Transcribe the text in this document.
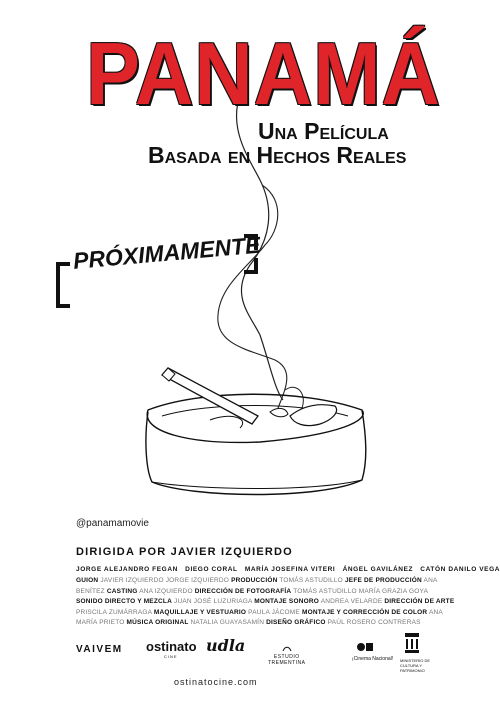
PANAMÁ
Una Película
Basada en Hechos Reales
PRÓXIMAMENTE
@panamamovie
DIRIGIDA POR JAVIER IZQUIERDO
JORGE ALEJANDRO FEGAN DIEGO CORAL MARÍA JOSEFINA VITERI ÁNGEL GAVILÁNEZ CATÓN DANILO VEGA
GUION JAVIER IZQUIERDO JORGE IZQUIERDO PRODUCCIÓN TOMÁS ASTUDILLO JEFE DE PRODUCCIÓN ANA BENÍTEZ CASTING ANA IZQUIERDO DIRECCIÓN DE FOTOGRAFÍA TOMÁS ASTUDILLO MARÍA GRAZIA GOYA SONIDO DIRECTO Y MEZCLA JUAN JOSÉ LUZURIAGA MONTAJE SONORO ANDREA VELARDE DIRECCIÓN DE ARTE PRISCILA ZUMÁRRAGA MAQUILLAJE Y VESTUARIO PAULA JÁCOME MONTAJE Y CORRECCIÓN DE COLOR ANA MARÍA PRIETO MÚSICA ORIGINAL NATALIA GUAYASAMÍN DISEÑO GRÁFICO PAÚL ROSERO CONTRERAS
VAIVEM ostinato
CINE
udla
ESTUDIO
TREMENTINA
¡Cinema Nacional! MINISTERIO DE CULTURA Y PATRIMONIO
ostinatocine.com
